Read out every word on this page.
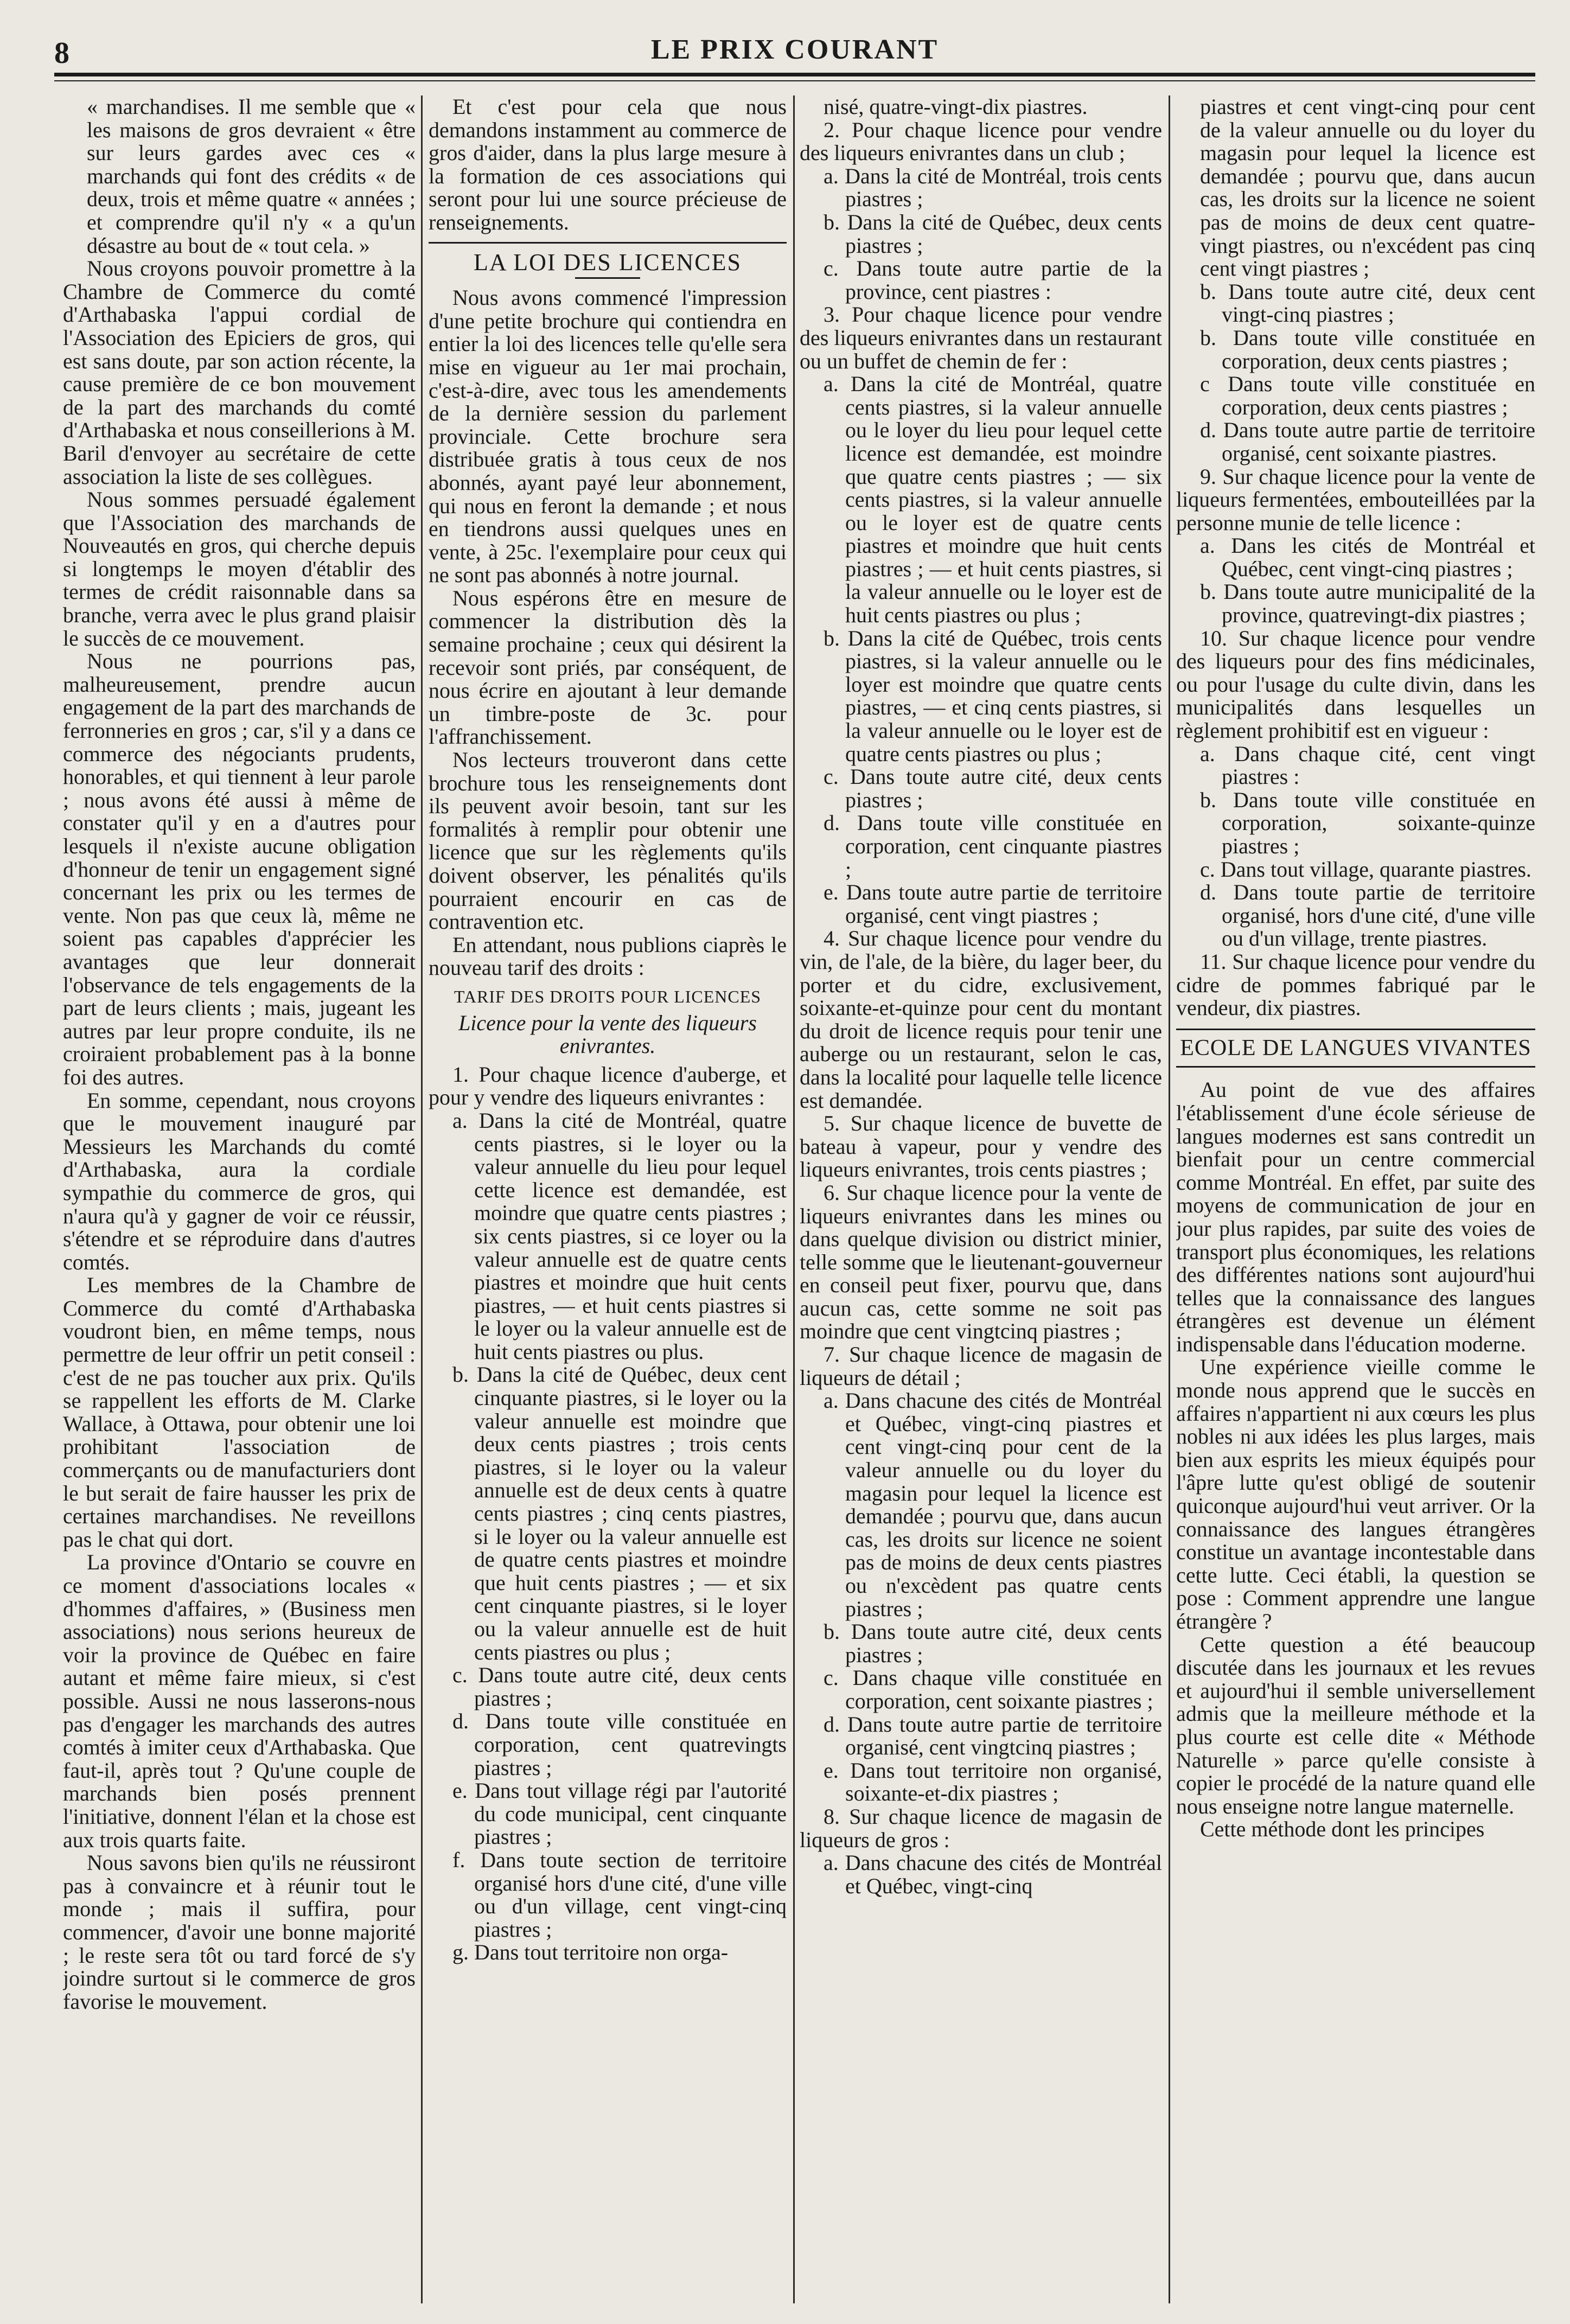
8	LE PRIX COURANT

« marchandises. Il me semble que « les maisons de gros devraient « être sur leurs gardes avec ces « marchands qui font des crédits « de deux, trois et même quatre « années ; et comprendre qu'il n'y « a qu'un désastre au bout de « tout cela. »

Nous croyons pouvoir promettre à la Chambre de Commerce du comté d'Arthabaska l'appui cordial de l'Association des Epiciers de gros, qui est sans doute, par son action récente, la cause première de ce bon mouvement de la part des marchands du comté d'Arthabaska et nous conseillerions à M. Baril d'envoyer au secrétaire de cette association la liste de ses collègues.

Nous sommes persuadé également que l'Association des marchands de Nouveautés en gros, qui cherche depuis si longtemps le moyen d'établir des termes de crédit raisonnable dans sa branche, verra avec le plus grand plaisir le succès de ce mouvement.

Nous ne pourrions pas, malheureusement, prendre aucun engagement de la part des marchands de ferronneries en gros ; car, s'il y a dans ce commerce des négociants prudents, honorables, et qui tiennent à leur parole ; nous avons été aussi à même de constater qu'il y en a d'autres pour lesquels il n'existe aucune obligation d'honneur de tenir un engagement signé concernant les prix ou les termes de vente. Non pas que ceux là, même ne soient pas capables d'apprécier les avantages que leur donnerait l'observance de tels engagements de la part de leurs clients ; mais, jugeant les autres par leur propre conduite, ils ne croiraient probablement pas à la bonne foi des autres.

En somme, cependant, nous croyons que le mouvement inauguré par Messieurs les Marchands du comté d'Arthabaska, aura la cordiale sympathie du commerce de gros, qui n'aura qu'à y gagner de voir ce réussir, s'étendre et se réproduire dans d'autres comtés.

Les membres de la Chambre de Commerce du comté d'Arthabaska voudront bien, en même temps, nous permettre de leur offrir un petit conseil : c'est de ne pas toucher aux prix. Qu'ils se rappellent les efforts de M. Clarke Wallace, à Ottawa, pour obtenir une loi prohibitant l'association de commerçants ou de manufacturiers dont le but serait de faire hausser les prix de certaines marchandises. Ne reveillons pas le chat qui dort.

La province d'Ontario se couvre en ce moment d'associations locales « d'hommes d'affaires, » (Business men associations) nous serions heureux de voir la province de Québec en faire autant et même faire mieux, si c'est possible. Aussi ne nous lasserons-nous pas d'engager les marchands des autres comtés à imiter ceux d'Arthabaska. Que faut-il, après tout ? Qu'une couple de marchands bien posés prennent l'initiative, donnent l'élan et la chose est aux trois quarts faite.

Nous savons bien qu'ils ne réussiront pas à convaincre et à réunir tout le monde ; mais il suffira, pour commencer, d'avoir une bonne majorité ; le reste sera tôt ou tard forcé de s'y joindre surtout si le commerce de gros favorise le mouvement.

Et c'est pour cela que nous demandons instamment au commerce de gros d'aider, dans la plus large mesure à la formation de ces associations qui seront pour lui une source précieuse de renseignements.

LA LOI DES LICENCES

Nous avons commencé l'impression d'une petite brochure qui contiendra en entier la loi des licences telle qu'elle sera mise en vigueur au 1er mai prochain, c'est-à-dire, avec tous les amendements de la dernière session du parlement provinciale. Cette brochure sera distribuée gratis à tous ceux de nos abonnés, ayant payé leur abonnement, qui nous en feront la demande ; et nous en tiendrons aussi quelques unes en vente, à 25c. l'exemplaire pour ceux qui ne sont pas abonnés à notre journal.

Nous espérons être en mesure de commencer la distribution dès la semaine prochaine ; ceux qui désirent la recevoir sont priés, par conséquent, de nous écrire en ajoutant à leur demande un timbre-poste de 3c. pour l'affranchissement.

Nos lecteurs trouveront dans cette brochure tous les renseignements dont ils peuvent avoir besoin, tant sur les formalités à remplir pour obtenir une licence que sur les règlements qu'ils doivent observer, les pénalités qu'ils pourraient encourir en cas de contravention etc.

En attendant, nous publions ciaprès le nouveau tarif des droits :

TARIF DES DROITS POUR LICENCES
Licence pour la vente des liqueurs enivrantes.

1. Pour chaque licence d'auberge, et pour y vendre des liqueurs enivrantes :

a. Dans la cité de Montréal, quatre cents piastres, si le loyer ou la valeur annuelle du lieu pour lequel cette licence est demandée, est moindre que quatre cents piastres ; six cents piastres, si ce loyer ou la valeur annuelle est de quatre cents piastres et moindre que huit cents piastres, — et huit cents piastres si le loyer ou la valeur annuelle est de huit cents piastres ou plus.

b. Dans la cité de Québec, deux cent cinquante piastres, si le loyer ou la valeur annuelle est moindre que deux cents piastres ; trois cents piastres, si le loyer ou la valeur annuelle est de deux cents à quatre cents piastres ; cinq cents piastres, si le loyer ou la valeur annuelle est de quatre cents piastres et moindre que huit cents piastres ; — et six cent cinquante piastres, si le loyer ou la valeur annuelle est de huit cents piastres ou plus ;

c. Dans toute autre cité, deux cents piastres ;

d. Dans toute ville constituée en corporation, cent quatrevingts piastres ;

e. Dans tout village régi par l'autorité du code municipal, cent cinquante piastres ;

f. Dans toute section de territoire organisé hors d'une cité, d'une ville ou d'un village, cent vingt-cinq piastres ;

g. Dans tout territoire non orga-

nisé, quatre-vingt-dix piastres.

2. Pour chaque licence pour vendre des liqueurs enivrantes dans un club ;

a. Dans la cité de Montréal, trois cents piastres ;

b. Dans la cité de Québec, deux cents piastres ;

c. Dans toute autre partie de la province, cent piastres :

3. Pour chaque licence pour vendre des liqueurs enivrantes dans un restaurant ou un buffet de chemin de fer :

a. Dans la cité de Montréal, quatre cents piastres, si la valeur annuelle ou le loyer du lieu pour lequel cette licence est demandée, est moindre que quatre cents piastres ; — six cents piastres, si la valeur annuelle ou le loyer est de quatre cents piastres et moindre que huit cents piastres ; — et huit cents piastres, si la valeur annuelle ou le loyer est de huit cents piastres ou plus ;

b. Dans la cité de Québec, trois cents piastres, si la valeur annuelle ou le loyer est moindre que quatre cents piastres, — et cinq cents piastres, si la valeur annuelle ou le loyer est de quatre cents piastres ou plus ;

c. Dans toute autre cité, deux cents piastres ;

d. Dans toute ville constituée en corporation, cent cinquante piastres ;

e. Dans toute autre partie de territoire organisé, cent vingt piastres ;

4. Sur chaque licence pour vendre du vin, de l'ale, de la bière, du lager beer, du porter et du cidre, exclusivement, soixante-et-quinze pour cent du montant du droit de licence requis pour tenir une auberge ou un restaurant, selon le cas, dans la localité pour laquelle telle licence est demandée.

5. Sur chaque licence de buvette de bateau à vapeur, pour y vendre des liqueurs enivrantes, trois cents piastres ;

6. Sur chaque licence pour la vente de liqueurs enivrantes dans les mines ou dans quelque division ou district minier, telle somme que le lieutenant-gouverneur en conseil peut fixer, pourvu que, dans aucun cas, cette somme ne soit pas moindre que cent vingtcinq piastres ;

7. Sur chaque licence de magasin de liqueurs de détail ;

a. Dans chacune des cités de Montréal et Québec, vingt-cinq piastres et cent vingt-cinq pour cent de la valeur annuelle ou du loyer du magasin pour lequel la licence est demandée ; pourvu que, dans aucun cas, les droits sur licence ne soient pas de moins de deux cents piastres ou n'excèdent pas quatre cents piastres ;

b. Dans toute autre cité, deux cents piastres ;

c. Dans chaque ville constituée en corporation, cent soixante piastres ;

d. Dans toute autre partie de territoire organisé, cent vingtcinq piastres ;

e. Dans tout territoire non organisé, soixante-et-dix piastres ;

8. Sur chaque licence de magasin de liqueurs de gros :

a. Dans chacune des cités de Montréal et Québec, vingt-cinq

piastres et cent vingt-cinq pour cent de la valeur annuelle ou du loyer du magasin pour lequel la licence est demandée ; pourvu que, dans aucun cas, les droits sur la licence ne soient pas de moins de deux cent quatre-vingt piastres, ou n'excédent pas cinq cent vingt piastres ;

b. Dans toute autre cité, deux cent vingt-cinq piastres ;

b. Dans toute ville constituée en corporation, deux cents piastres ;

c Dans toute ville constituée en corporation, deux cents piastres ;

d. Dans toute autre partie de territoire organisé, cent soixante piastres.

9. Sur chaque licence pour la vente de liqueurs fermentées, embouteillées par la personne munie de telle licence :

a. Dans les cités de Montréal et Québec, cent vingt-cinq piastres ;

b. Dans toute autre municipalité de la province, quatrevingt-dix piastres ;

10. Sur chaque licence pour vendre des liqueurs pour des fins médicinales, ou pour l'usage du culte divin, dans les municipalités dans lesquelles un règlement prohibitif est en vigueur :

a. Dans chaque cité, cent vingt piastres :

b. Dans toute ville constituée en corporation, soixante-quinze piastres ;

c. Dans tout village, quarante piastres.

d. Dans toute partie de territoire organisé, hors d'une cité, d'une ville ou d'un village, trente piastres.

11. Sur chaque licence pour vendre du cidre de pommes fabriqué par le vendeur, dix piastres.

ECOLE DE LANGUES VIVANTES

Au point de vue des affaires l'établissement d'une école sérieuse de langues modernes est sans contredit un bienfait pour un centre commercial comme Montréal. En effet, par suite des moyens de communication de jour en jour plus rapides, par suite des voies de transport plus économiques, les relations des différentes nations sont aujourd'hui telles que la connaissance des langues étrangères est devenue un élément indispensable dans l'éducation moderne.

Une expérience vieille comme le monde nous apprend que le succès en affaires n'appartient ni aux cœurs les plus nobles ni aux idées les plus larges, mais bien aux esprits les mieux équipés pour l'âpre lutte qu'est obligé de soutenir quiconque aujourd'hui veut arriver. Or la connaissance des langues étrangères constitue un avantage incontestable dans cette lutte. Ceci établi, la question se pose : Comment apprendre une langue étrangère ?

Cette question a été beaucoup discutée dans les journaux et les revues et aujourd'hui il semble universellement admis que la meilleure méthode et la plus courte est celle dite « Méthode Naturelle » parce qu'elle consiste à copier le procédé de la nature quand elle nous enseigne notre langue maternelle.

Cette méthode dont les principes
